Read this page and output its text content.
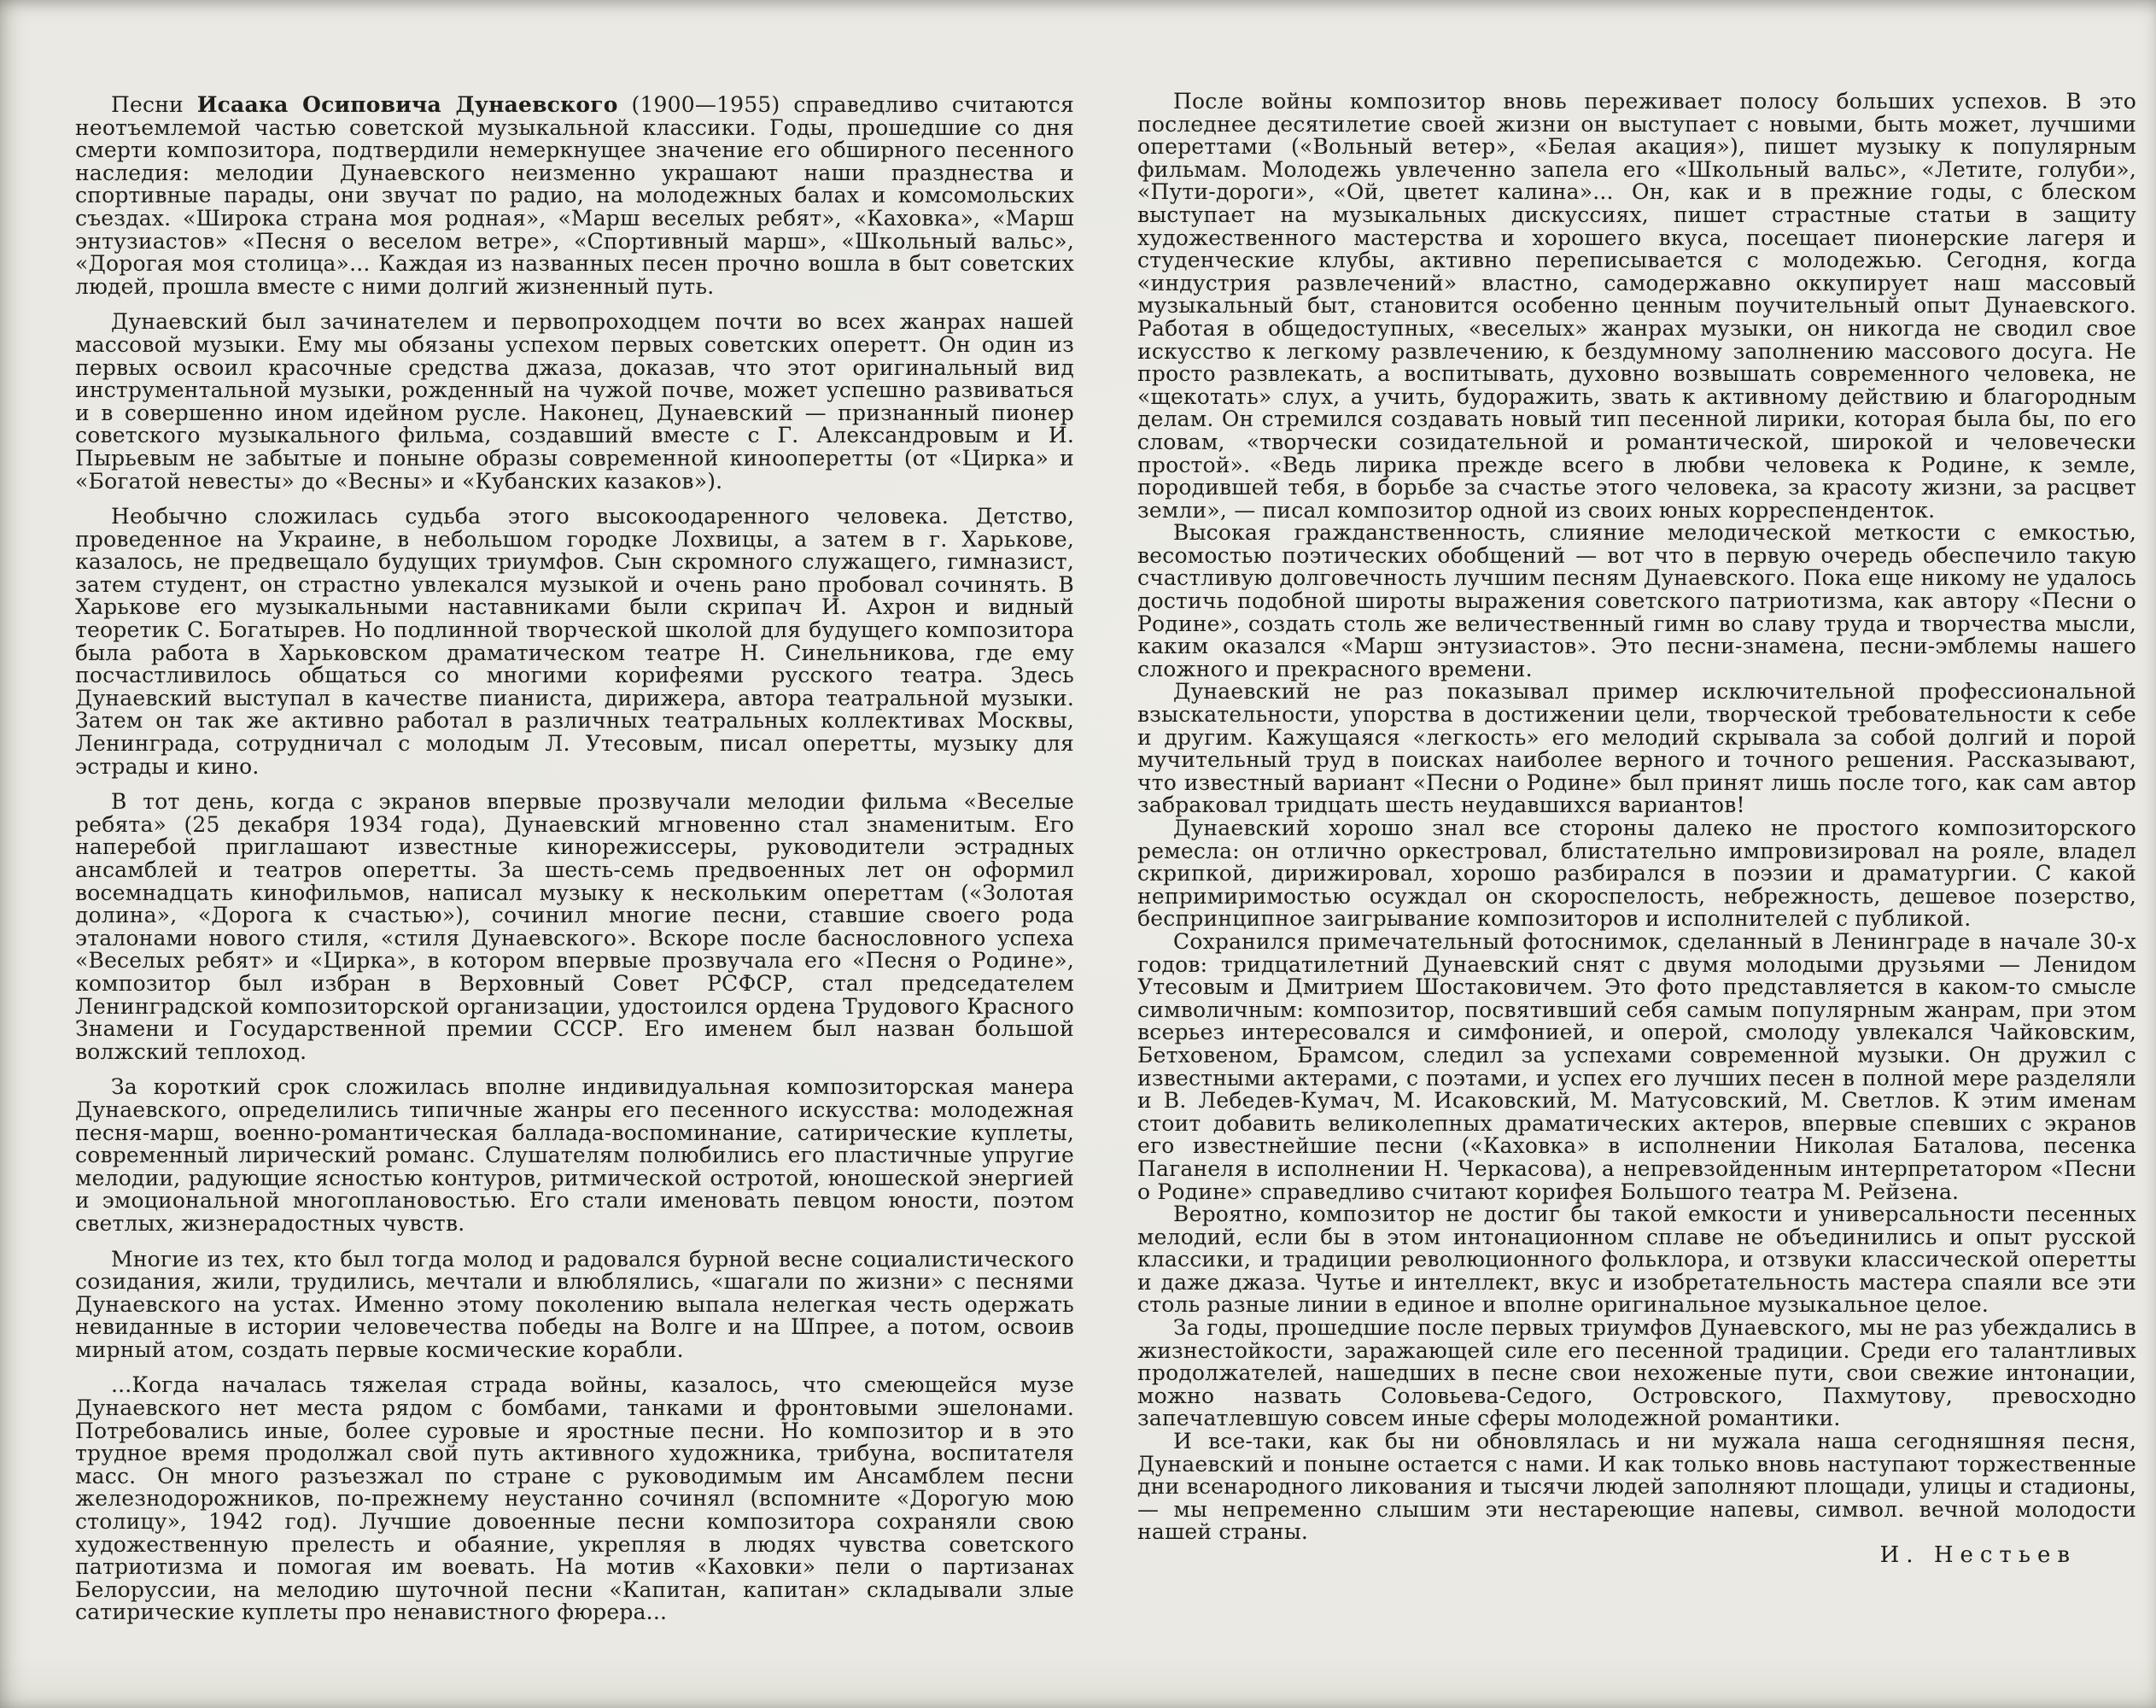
Песни Исаака Осиповича Дунаевского (1900—1955) справедливо считаются неотъемлемой частью советской музыкальной классики. Годы, прошедшие со дня смерти композитора, подтвердили немеркнущее значение его обширного песенного наследия: мелодии Дунаевского неизменно украшают наши празднества и спортивные парады, они звучат по радио, на молодежных балах и комсомольских съездах. «Широка страна моя родная», «Марш веселых ребят», «Каховка», «Марш энтузиастов» «Песня о веселом ветре», «Спортивный марш», «Школьный вальс», «Дорогая моя столица»... Каждая из названных песен прочно вошла в быт советских людей, прошла вместе с ними долгий жизненный путь.

Дунаевский был зачинателем и первопроходцем почти во всех жанрах нашей массовой музыки. Ему мы обязаны успехом первых советских оперетт. Он один из первых освоил красочные средства джаза, доказав, что этот оригинальный вид инструментальной музыки, рожденный на чужой почве, может успешно развиваться и в совершенно ином идейном русле. Наконец, Дунаевский — признанный пионер советского музыкального фильма, создавший вместе с Г. Александровым и И. Пырьевым не забытые и поныне образы современной кинооперетты (от «Цирка» и «Богатой невесты» до «Весны» и «Кубанских казаков»).

Необычно сложилась судьба этого высокоодаренного человека. Детство, проведенное на Украине, в небольшом городке Лохвицы, а затем в г. Харькове, казалось, не предвещало будущих триумфов. Сын скромного служащего, гимназист, затем студент, он страстно увлекался музыкой и очень рано пробовал сочинять. В Харькове его музыкальными наставниками были скрипач И. Ахрон и видный теоретик С. Богатырев. Но подлинной творческой школой для будущего композитора была работа в Харьковском драматическом театре Н. Синельникова, где ему посчастливилось общаться со многими корифеями русского театра. Здесь Дунаевский выступал в качестве пианиста, дирижера, автора театральной музыки. Затем он так же активно работал в различных театральных коллективах Москвы, Ленинграда, сотрудничал с молодым Л. Утесовым, писал оперетты, музыку для эстрады и кино.

В тот день, когда с экранов впервые прозвучали мелодии фильма «Веселые ребята» (25 декабря 1934 года), Дунаевский мгновенно стал знаменитым. Его наперебой приглашают известные кинорежиссеры, руководители эстрадных ансамблей и театров оперетты. За шесть-семь предвоенных лет он оформил восемнадцать кинофильмов, написал музыку к нескольким опереттам («Золотая долина», «Дорога к счастью»), сочинил многие песни, ставшие своего рода эталонами нового стиля, «стиля Дунаевского». Вскоре после баснословного успеха «Веселых ребят» и «Цирка», в котором впервые прозвучала его «Песня о Родине», композитор был избран в Верховный Совет РСФСР, стал председателем Ленинградской композиторской организации, удостоился ордена Трудового Красного Знамени и Государственной премии СССР. Его именем был назван большой волжский теплоход.

За короткий срок сложилась вполне индивидуальная композиторская манера Дунаевского, определились типичные жанры его песенного искусства: молодежная песня-марш, военно-романтическая баллада-воспоминание, сатирические куплеты, современный лирический романс. Слушателям полюбились его пластичные упругие мелодии, радующие ясностью контуров, ритмической остротой, юношеской энергией и эмоциональной многоплановостью. Его стали именовать певцом юности, поэтом светлых, жизнерадостных чувств.

Многие из тех, кто был тогда молод и радовался бурной весне социалистического созидания, жили, трудились, мечтали и влюблялись, «шагали по жизни» с песнями Дунаевского на устах. Именно этому поколению выпала нелегкая честь одержать невиданные в истории человечества победы на Волге и на Шпрее, а потом, освоив мирный атом, создать первые космические корабли.

...Когда началась тяжелая страда войны, казалось, что смеющейся музе Дунаевского нет места рядом с бомбами, танками и фронтовыми эшелонами. Потребовались иные, более суровые и яростные песни. Но композитор и в это трудное время продолжал свой путь активного художника, трибуна, воспитателя масс. Он много разъезжал по стране с руководимым им Ансамблем песни железнодорожников, по-прежнему неустанно сочинял (вспомните «Дорогую мою столицу», 1942 год). Лучшие довоенные песни композитора сохраняли свою художественную прелесть и обаяние, укрепляя в людях чувства советского патриотизма и помогая им воевать. На мотив «Каховки» пели о партизанах Белоруссии, на мелодию шуточной песни «Капитан, капитан» складывали злые сатирические куплеты про ненавистного фюрера...

После войны композитор вновь переживает полосу больших успехов. В это последнее десятилетие своей жизни он выступает с новыми, быть может, лучшими опереттами («Вольный ветер», «Белая акация»), пишет музыку к популярным фильмам. Молодежь увлеченно запела его «Школьный вальс», «Летите, голуби», «Пути-дороги», «Ой, цветет калина»... Он, как и в прежние годы, с блеском выступает на музыкальных дискуссиях, пишет страстные статьи в защиту художественного мастерства и хорошего вкуса, посещает пионерские лагеря и студенческие клубы, активно переписывается с молодежью. Сегодня, когда «индустрия развлечений» властно, самодержавно оккупирует наш массовый музыкальный быт, становится особенно ценным поучительный опыт Дунаевского. Работая в общедоступных, «веселых» жанрах музыки, он никогда не сводил свое искусство к легкому развлечению, к бездумному заполнению массового досуга. Не просто развлекать, а воспитывать, духовно возвышать современного человека, не «щекотать» слух, а учить, будоражить, звать к активному действию и благородным делам. Он стремился создавать новый тип песенной лирики, которая была бы, по его словам, «творчески созидательной и романтической, широкой и человечески простой». «Ведь лирика прежде всего в любви человека к Родине, к земле, породившей тебя, в борьбе за счастье этого человека, за красоту жизни, за расцвет земли», — писал композитор одной из своих юных корреспенденток.

Высокая гражданственность, слияние мелодической меткости с емкостью, весомостью поэтических обобщений — вот что в первую очередь обеспечило такую счастливую долговечность лучшим песням Дунаевского. Пока еще никому не удалось достичь подобной широты выражения советского патриотизма, как автору «Песни о Родине», создать столь же величественный гимн во славу труда и творчества мысли, каким оказался «Марш энтузиастов». Это песни-знамена, песни-эмблемы нашего сложного и прекрасного времени.

Дунаевский не раз показывал пример исключительной профессиональной взыскательности, упорства в достижении цели, творческой требовательности к себе и другим. Кажущаяся «легкость» его мелодий скрывала за собой долгий и порой мучительный труд в поисках наиболее верного и точного решения. Рассказывают, что известный вариант «Песни о Родине» был принят лишь после того, как сам автор забраковал тридцать шесть неудавшихся вариантов!

Дунаевский хорошо знал все стороны далеко не простого композиторского ремесла: он отлично оркестровал, блистательно импровизировал на рояле, владел скрипкой, дирижировал, хорошо разбирался в поэзии и драматургии. С какой непримиримостью осуждал он скороспелость, небрежность, дешевое позерство, беспринципное заигрывание композиторов и исполнителей с публикой.

Сохранился примечательный фотоснимок, сделанный в Ленинграде в начале 30-х годов: тридцатилетний Дунаевский снят с двумя молодыми друзьями — Ленидом Утесовым и Дмитрием Шостаковичем. Это фото представляется в каком-то смысле символичным: композитор, посвятивший себя самым популярным жанрам, при этом всерьез интересовался и симфонией, и оперой, смолоду увлекался Чайковским, Бетховеном, Брамсом, следил за успехами современной музыки. Он дружил с известными актерами, с поэтами, и успех его лучших песен в полной мере разделяли и В. Лебедев-Кумач, М. Исаковский, М. Матусовский, М. Светлов. К этим именам стоит добавить великолепных драматических актеров, впервые спевших с экранов его известнейшие песни («Каховка» в исполнении Николая Баталова, песенка Паганеля в исполнении Н. Черкасова), а непревзойденным интерпретатором «Песни о Родине» справедливо считают корифея Большого театра М. Рейзена.

Вероятно, композитор не достиг бы такой емкости и универсальности песенных мелодий, если бы в этом интонационном сплаве не объединились и опыт русской классики, и традиции революционного фольклора, и отзвуки классической оперетты и даже джаза. Чутье и интеллект, вкус и изобретательность мастера спаяли все эти столь разные линии в единое и вполне оригинальное музыкальное целое.

За годы, прошедшие после первых триумфов Дунаевского, мы не раз убеждались в жизнестойкости, заражающей силе его песенной традиции. Среди его талантливых продолжателей, нашедших в песне свои нехоженые пути, свои свежие интонации, можно назвать Соловьева-Седого, Островского, Пахмутову, превосходно запечатлевшую совсем иные сферы молодежной романтики.

И все-таки, как бы ни обновлялась и ни мужала наша сегодняшняя песня, Дунаевский и поныне остается с нами. И как только вновь наступают торжественные дни всенародного ликования и тысячи людей заполняют площади, улицы и стадионы, — мы непременно слышим эти нестареющие напевы, символ. вечной молодости нашей страны.

И. Нестьев
